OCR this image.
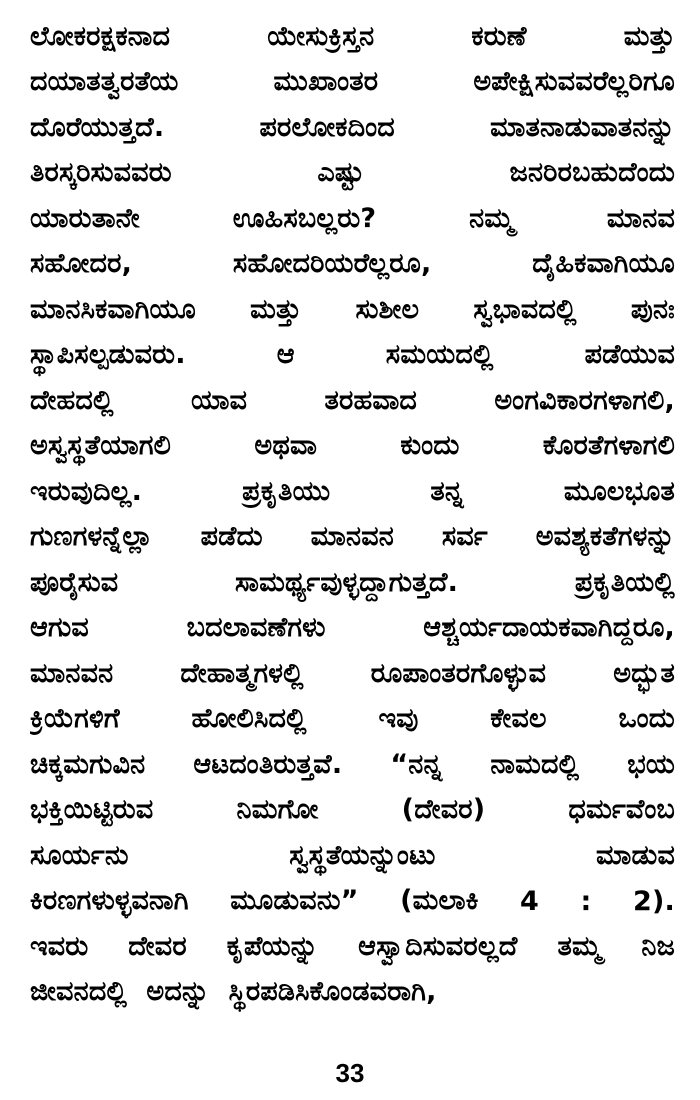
ಲೋಕರಕ್ಷಕನಾದ	ಯೇಸುಕ್ರಿಸ್ತನ	ಕರುಣೆ	ಮತ್ತು
ದಯಾತತ್ವರತೆಯ	ಮುಖಾಂತರ	ಅಪೇಕ್ಷಿಸುವವರೆಲ್ಲರಿಗೂ
ದೊರೆಯುತ್ತದೆ.	ಪರಲೋಕದಿಂದ	ಮಾತನಾಡುವಾತನನ್ನು
ತಿರಸ್ಕರಿಸುವವರು	ಎಷ್ಟು	ಜನರಿರಬಹುದೆಂದು
ಯಾರುತಾನೇ	ಊಹಿಸಬಲ್ಲರು?	ನಮ್ಮ	ಮಾನವ
ಸಹೋದರ,	ಸಹೋದರಿಯರೆಲ್ಲರೂ,	ದೈಹಿಕವಾಗಿಯೂ
ಮಾನಸಿಕವಾಗಿಯೂ ಮತ್ತು ಸುಶೀಲ ಸ್ವಭಾವದಲ್ಲಿ ಪುನಃ
ಸ್ಥಾಪಿಸಲ್ಪಡುವರು.	ಆ	ಸಮಯದಲ್ಲಿ	ಪಡೆಯುವ
ದೇಹದಲ್ಲಿ	ಯಾವ	ತರಹವಾದ	ಅಂಗವಿಕಾರಗಳಾಗಲಿ,
ಅಸ್ವಸ್ಥತೆಯಾಗಲಿ	ಅಥವಾ	ಕುಂದು	ಕೊರತೆಗಳಾಗಲಿ
ಇರುವುದಿಲ್ಲ.	ಪ್ರಕೃತಿಯು	ತನ್ನ	ಮೂಲಭೂತ
ಗುಣಗಳನ್ನೆಲ್ಲಾ ಪಡೆದು ಮಾನವನ ಸರ್ವ ಅವಶ್ಯಕತೆಗಳನ್ನು
ಪೂರೈಸುವ	ಸಾಮರ್ಥ್ಯವುಳ್ಳದ್ದಾಗುತ್ತದೆ.	ಪ್ರಕೃತಿಯಲ್ಲಿ
ಆಗುವ	ಬದಲಾವಣೆಗಳು	ಆಶ್ಚರ್ಯದಾಯಕವಾಗಿದ್ದರೂ,
ಮಾನವನ ದೇಹಾತ್ಮಗಳಲ್ಲಿ ರೂಪಾಂತರಗೊಳ್ಳುವ ಅದ್ಭುತ
ಕ್ರಿಯೆಗಳಿಗೆ	ಹೋಲಿಸಿದಲ್ಲಿ	ಇವು	ಕೇವಲ	ಒಂದು
ಚಿಕ್ಕಮಗುವಿನ ಆಟದಂತಿರುತ್ತವೆ. “ನನ್ನ ನಾಮದಲ್ಲಿ ಭಯ
ಭಕ್ತಿಯಿಟ್ಟಿರುವ	ನಿಮಗೋ	(ದೇವರ)	ಧರ್ಮವೆಂಬ
ಸೂರ್ಯನು	ಸ್ವಸ್ಥತೆಯನ್ನುಂಟು	ಮಾಡುವ
ಕಿರಣಗಳುಳ್ಳವನಾಗಿ ಮೂಡುವನು” (ಮಲಾಕಿ 4 : 2).
ಇವರು ದೇವರ ಕೃಪೆಯನ್ನು ಆಸ್ವಾದಿಸುವರಲ್ಲದೆ ತಮ್ಮ ನಿಜ
ಜೀವನದಲ್ಲಿ
ಅದನ್ನು
ಸ್ಥಿರಪಡಿಸಿಕೊಂಡವರಾಗಿ,

33
